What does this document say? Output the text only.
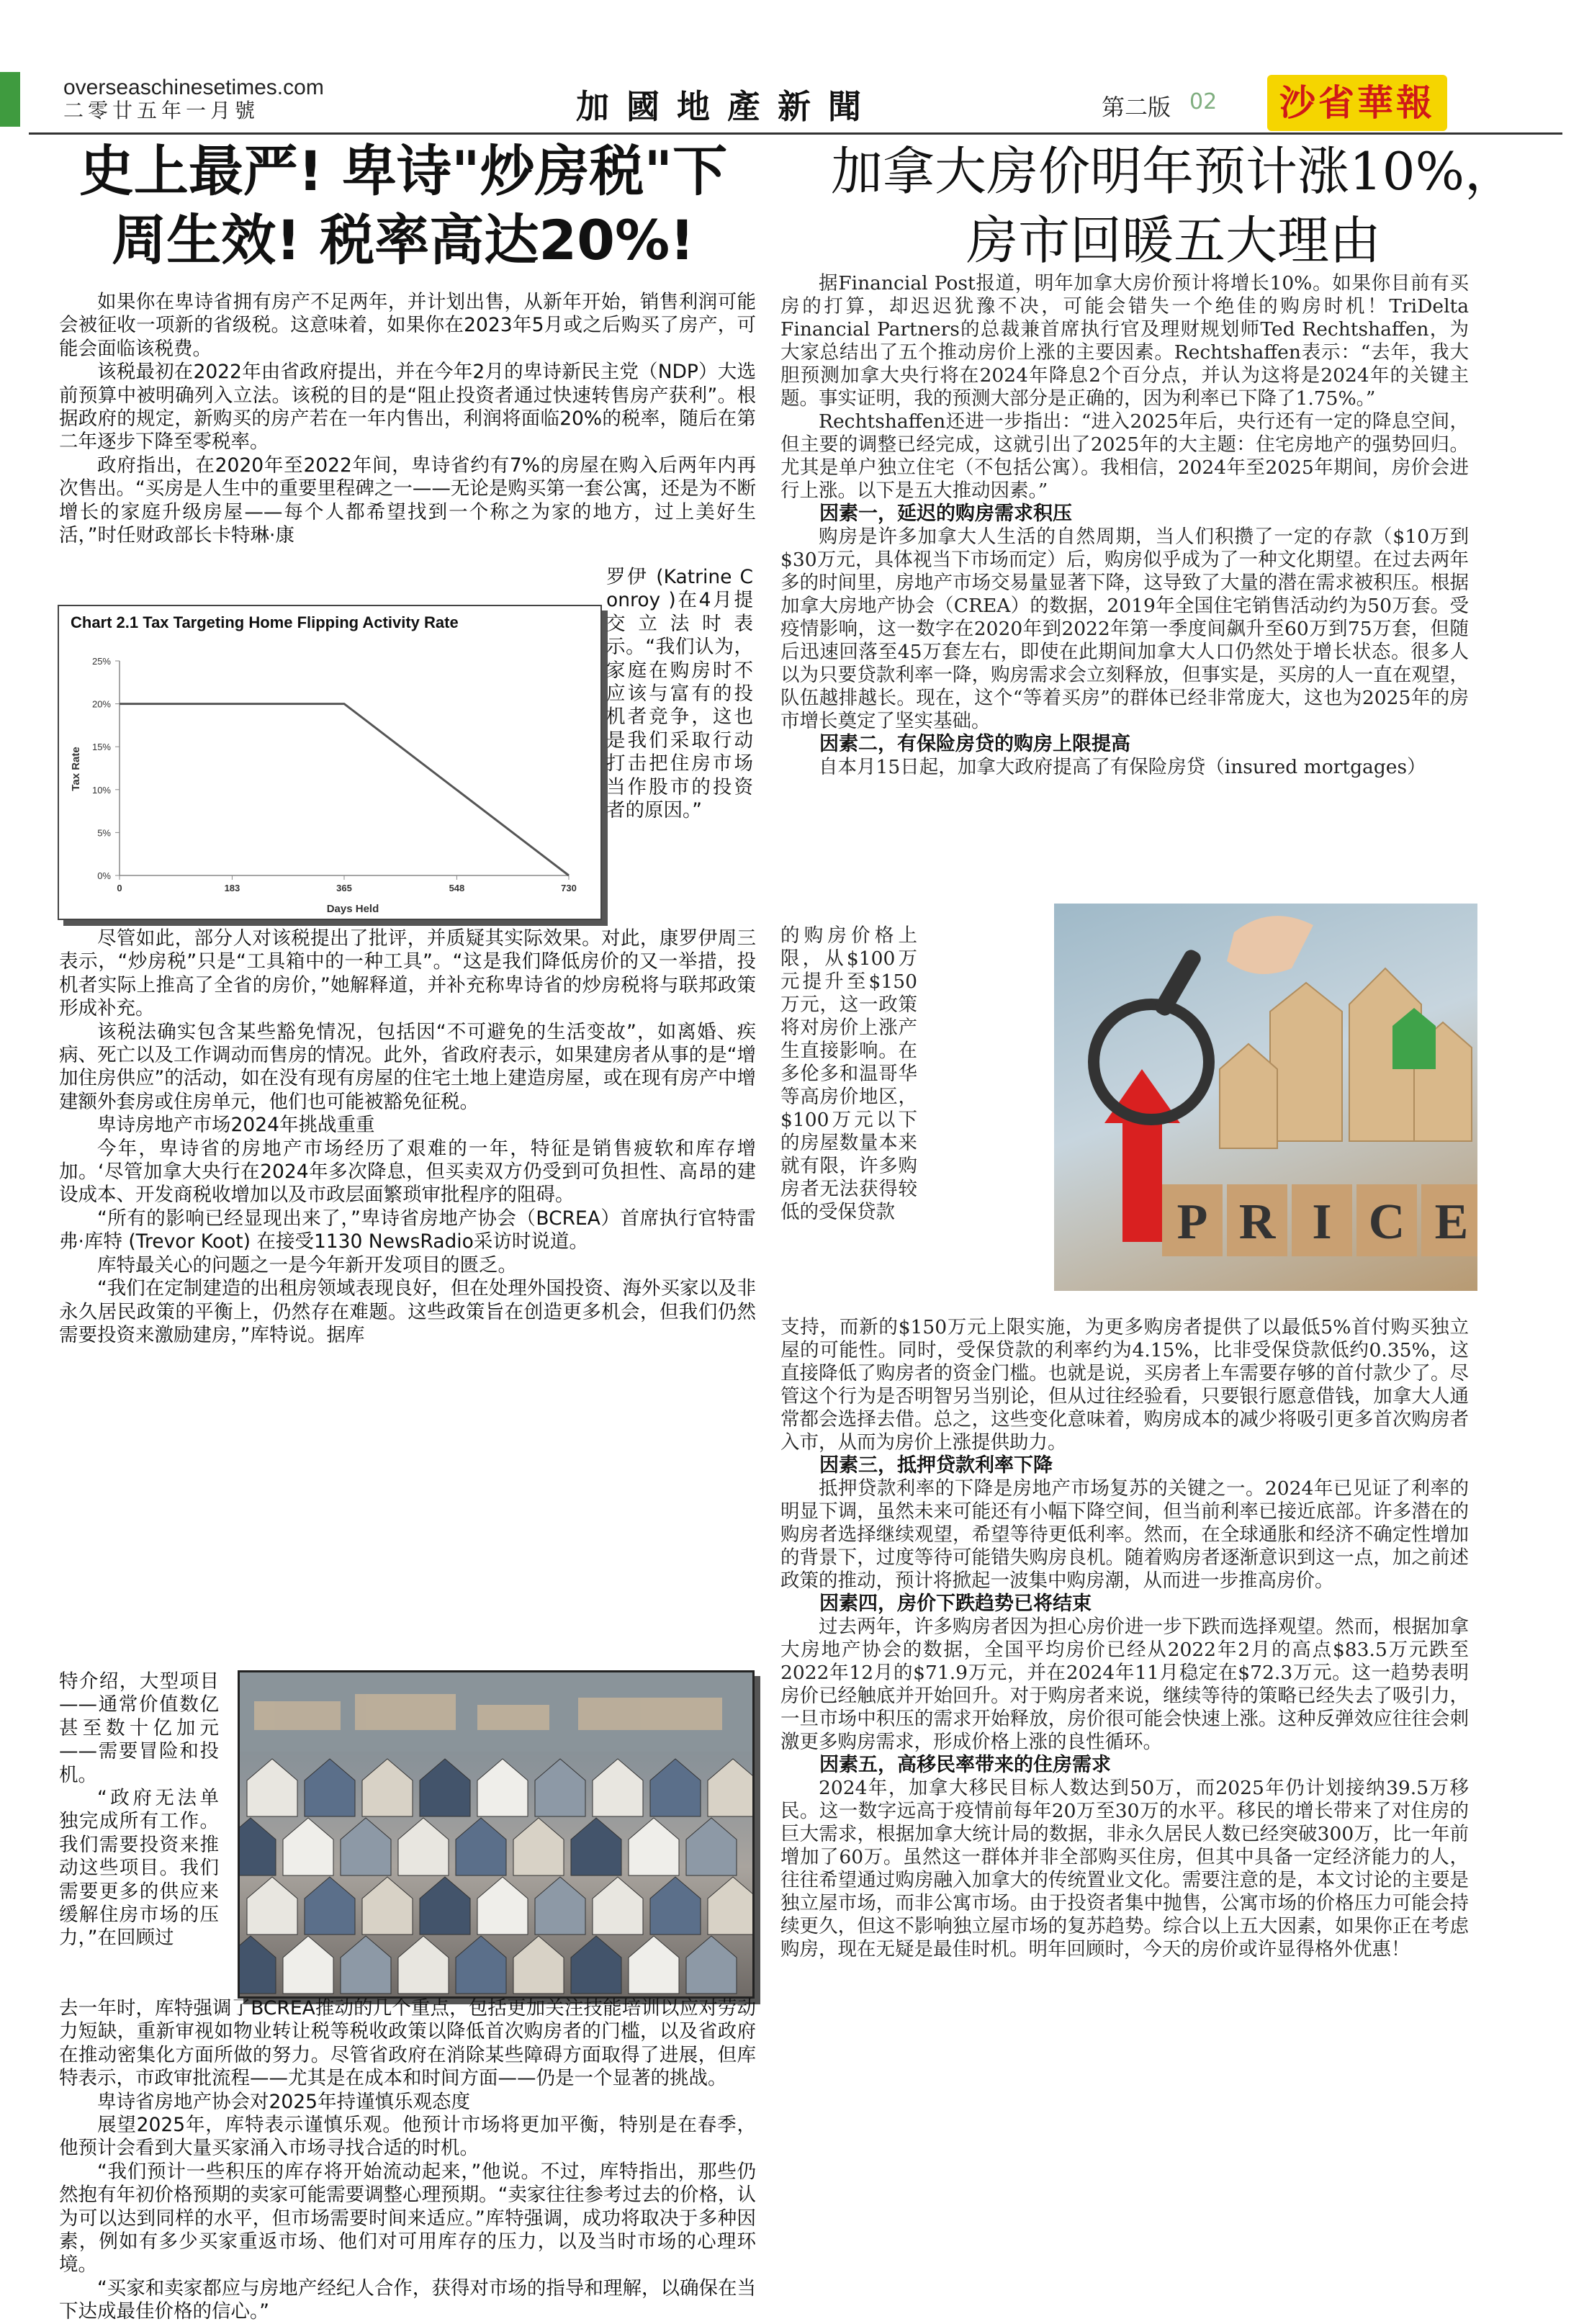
overseaschinesetimes.com
二零廿五年一月號	加國地產新聞	第二版 02	沙省華報
史上最严! 卑诗"炒房税"下
周生效! 税率高达20%!

如果你在卑诗省拥有房产不足两年，并计划出售，从新年开始，销售利润可能会被征收一项新的省级税。这意味着，如果你在2023年5月或之后购买了房产，可能会面临该税费。

该税最初在2022年由省政府提出，并在今年2月的卑诗新民主党（NDP）大选前预算中被明确列入立法。该税的目的是“阻止投资者通过快速转售房产获利”。根据政府的规定，新购买的房产若在一年内售出，利润将面临20%的税率，随后在第二年逐步下降至零税率。

政府指出，在2020年至2022年间，卑诗省约有7%的房屋在购入后两年内再次售出。“买房是人生中的重要里程碑之一——无论是购买第一套公寓，还是为不断增长的家庭升级房屋——每个人都希望找到一个称之为家的地方，过上美好生活，”时任财政部长卡特琳·康

Chart 2.1 Tax Targeting Home Flipping Activity Rate
0%
5%
10%
15%
20%
25%
0	183	365	548	730
Days Held
Tax Rate

罗伊 (Katrine Conroy )在4月提交立法时表示。“我们认为，家庭在购房时不应该与富有的投机者竞争，这也是我们采取行动打击把住房市场当作股市的投资者的原因。”

尽管如此，部分人对该税提出了批评，并质疑其实际效果。对此，康罗伊周三表示，“炒房税”只是“工具箱中的一种工具”。“这是我们降低房价的又一举措，投机者实际上推高了全省的房价，”她解释道，并补充称卑诗省的炒房税将与联邦政策形成补充。

该税法确实包含某些豁免情况，包括因“不可避免的生活变故”，如离婚、疾病、死亡以及工作调动而售房的情况。此外，省政府表示，如果建房者从事的是“增加住房供应”的活动，如在没有现有房屋的住宅土地上建造房屋，或在现有房产中增建额外套房或住房单元，他们也可能被豁免征税。

卑诗房地产市场2024年挑战重重

今年，卑诗省的房地产市场经历了艰难的一年，特征是销售疲软和库存增加。‘尽管加拿大央行在2024年多次降息，但买卖双方仍受到可负担性、高昂的建设成本、开发商税收增加以及市政层面繁琐审批程序的阻碍。

“所有的影响已经显现出来了，”卑诗省房地产协会（BCREA）首席执行官特雷弗·库特 (Trevor Koot) 在接受1130 NewsRadio采访时说道。

库特最关心的问题之一是今年新开发项目的匮乏。

“我们在定制建造的出租房领域表现良好，但在处理外国投资、海外买家以及非永久居民政策的平衡上，仍然存在难题。这些政策旨在创造更多机会，但我们仍然需要投资来激励建房，”库特说。据库

特介绍，大型项目——通常价值数亿甚至数十亿加元——需要冒险和投机。

“政府无法单独完成所有工作。我们需要投资来推动这些项目。我们需要更多的供应来缓解住房市场的压力，”在回顾过

去一年时，库特强调了BCREA推动的几个重点，包括更加关注技能培训以应对劳动力短缺，重新审视如物业转让税等税收政策以降低首次购房者的门槛，以及省政府在推动密集化方面所做的努力。尽管省政府在消除某些障碍方面取得了进展，但库特表示，市政审批流程——尤其是在成本和时间方面——仍是一个显著的挑战。

卑诗省房地产协会对2025年持谨慎乐观态度

展望2025年，库特表示谨慎乐观。他预计市场将更加平衡，特别是在春季，他预计会看到大量买家涌入市场寻找合适的时机。

“我们预计一些积压的库存将开始流动起来，”他说。不过，库特指出，那些仍然抱有年初价格预期的卖家可能需要调整心理预期。“卖家往往参考过去的价格，认为可以达到同样的水平，但市场需要时间来适应。”库特强调，成功将取决于多种因素，例如有多少买家重返市场、他们对可用库存的压力，以及当时市场的心理环境。

“买家和卖家都应与房地产经纪人合作，获得对市场的指导和理解，以确保在当下达成最佳价格的信心。”

加拿大房价明年预计涨10%，
房市回暖五大理由

据Financial Post报道，明年加拿大房价预计将增长10%。如果你目前有买房的打算，却迟迟犹豫不决，可能会错失一个绝佳的购房时机！TriDelta Financial Partners的总裁兼首席执行官及理财规划师Ted Rechtshaffen，为大家总结出了五个推动房价上涨的主要因素。Rechtshaffen表示：“去年，我大胆预测加拿大央行将在2024年降息2个百分点，并认为这将是2024年的关键主题。事实证明，我的预测大部分是正确的，因为利率已下降了1.75%。”

Rechtshaffen还进一步指出：“进入2025年后，央行还有一定的降息空间，但主要的调整已经完成，这就引出了2025年的大主题：住宅房地产的强势回归。尤其是单户独立住宅（不包括公寓）。我相信，2024年至2025年期间，房价会进行上涨。以下是五大推动因素。”

因素一，延迟的购房需求积压

购房是许多加拿大人生活的自然周期，当人们积攒了一定的存款（$10万到$30万元，具体视当下市场而定）后，购房似乎成为了一种文化期望。在过去两年多的时间里，房地产市场交易量显著下降，这导致了大量的潜在需求被积压。根据加拿大房地产协会（CREA）的数据，2019年全国住宅销售活动约为50万套。受疫情影响，这一数字在2020年到2022年第一季度间飙升至60万到75万套，但随后迅速回落至45万套左右，即使在此期间加拿大人口仍然处于增长状态。很多人以为只要贷款利率一降，购房需求会立刻释放，但事实是，买房的人一直在观望，队伍越排越长。现在，这个“等着买房”的群体已经非常庞大，这也为2025年的房市增长奠定了坚实基础。

因素二，有保险房贷的购房上限提高

自本月15日起，加拿大政府提高了有保险房贷（insured mortgages）

的购房价格上限，从$100万元提升至$150万元，这一政策将对房价上涨产生直接影响。在多伦多和温哥华等高房价地区，$100万元以下的房屋数量本来就有限，许多购房者无法获得较低的受保贷款	P R I C E

支持，而新的$150万元上限实施，为更多购房者提供了以最低5%首付购买独立屋的可能性。同时，受保贷款的利率约为4.15%，比非受保贷款低约0.35%，这直接降低了购房者的资金门槛。也就是说，买房者上车需要存够的首付款少了。尽管这个行为是否明智另当别论，但从过往经验看，只要银行愿意借钱，加拿大人通常都会选择去借。总之，这些变化意味着，购房成本的减少将吸引更多首次购房者入市，从而为房价上涨提供助力。

因素三，抵押贷款利率下降

抵押贷款利率的下降是房地产市场复苏的关键之一。2024年已见证了利率的明显下调，虽然未来可能还有小幅下降空间，但当前利率已接近底部。许多潜在的购房者选择继续观望，希望等待更低利率。然而，在全球通胀和经济不确定性增加的背景下，过度等待可能错失购房良机。随着购房者逐渐意识到这一点，加之前述政策的推动，预计将掀起一波集中购房潮，从而进一步推高房价。

因素四，房价下跌趋势已将结束

过去两年，许多购房者因为担心房价进一步下跌而选择观望。然而，根据加拿大房地产协会的数据，全国平均房价已经从2022年2月的高点$83.5万元跌至2022年12月的$71.9万元，并在2024年11月稳定在$72.3万元。这一趋势表明房价已经触底并开始回升。对于购房者来说，继续等待的策略已经失去了吸引力，一旦市场中积压的需求开始释放，房价很可能会快速上涨。这种反弹效应往往会刺激更多购房需求，形成价格上涨的良性循环。

因素五，高移民率带来的住房需求

2024年，加拿大移民目标人数达到50万，而2025年仍计划接纳39.5万移民。这一数字远高于疫情前每年20万至30万的水平。移民的增长带来了对住房的巨大需求，根据加拿大统计局的数据，非永久居民人数已经突破300万，比一年前增加了60万。虽然这一群体并非全部购买住房，但其中具备一定经济能力的人，往往希望通过购房融入加拿大的传统置业文化。需要注意的是，本文讨论的主要是独立屋市场，而非公寓市场。由于投资者集中抛售，公寓市场的价格压力可能会持续更久，但这不影响独立屋市场的复苏趋势。综合以上五大因素，如果你正在考虑购房，现在无疑是最佳时机。明年回顾时，今天的房价或许显得格外优惠！
